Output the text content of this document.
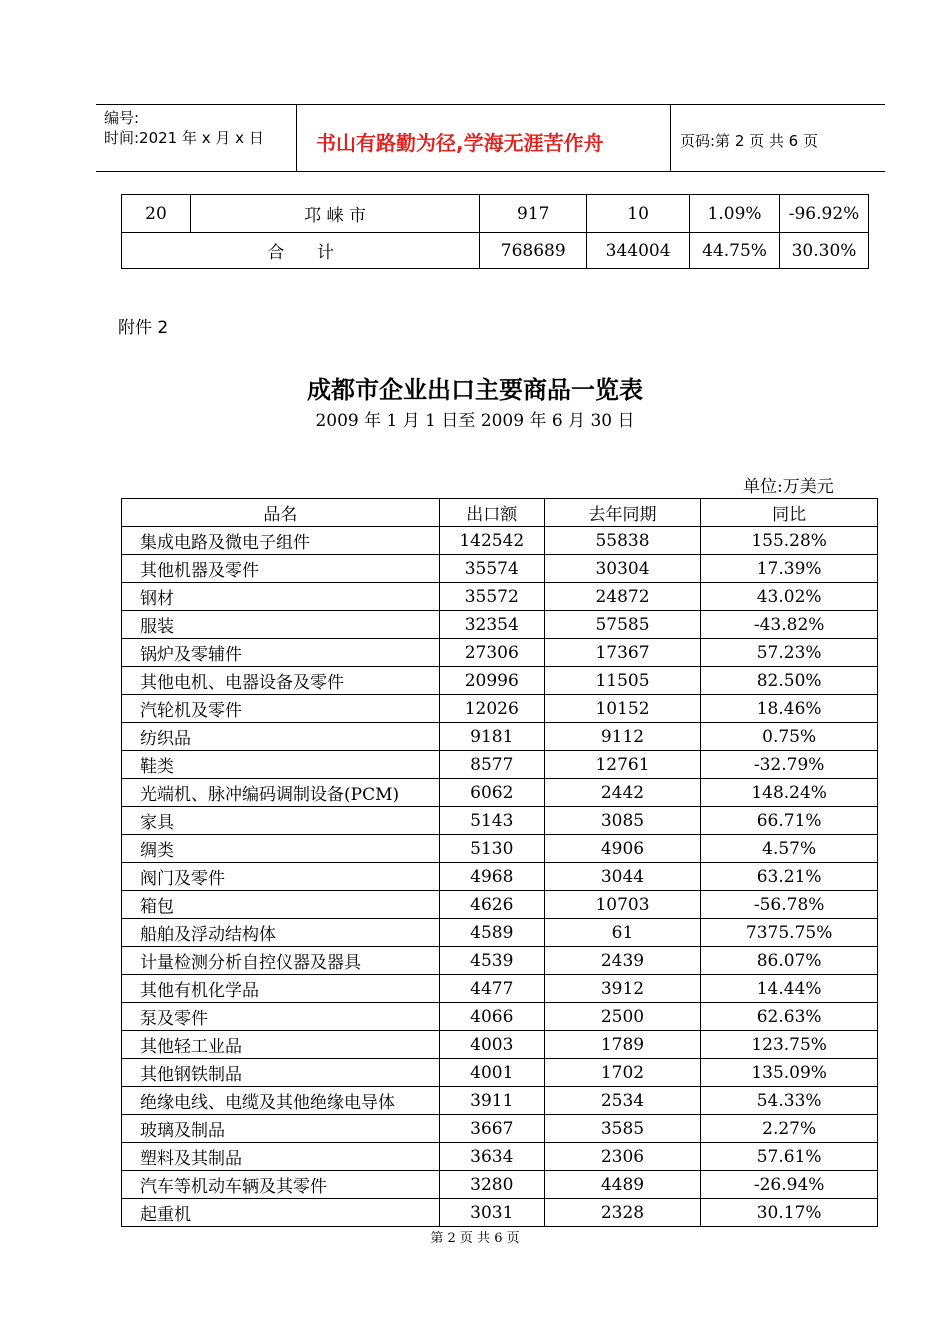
编号:
时间:2021 年 x 月 x 日	书山有路勤为径,学海无涯苦作舟	页码:第 2 页 共 6 页
20	邛 崃 市	917	10	1.09%	-96.92%
合      计		768689	344004	44.75%	30.30%
附件 2
成都市企业出口主要商品一览表
2009 年 1 月 1 日至 2009 年 6 月 30 日
单位:万美元
品名	出口额	去年同期	同比
集成电路及微电子组件	142542	55838	155.28%
其他机器及零件	35574	30304	17.39%
钢材	35572	24872	43.02%
服装	32354	57585	-43.82%
锅炉及零辅件	27306	17367	57.23%
其他电机、电器设备及零件	20996	11505	82.50%
汽轮机及零件	12026	10152	18.46%
纺织品	9181	9112	0.75%
鞋类	8577	12761	-32.79%
光端机、脉冲编码调制设备(PCM)	6062	2442	148.24%
家具	5143	3085	66.71%
绸类	5130	4906	4.57%
阀门及零件	4968	3044	63.21%
箱包	4626	10703	-56.78%
船舶及浮动结构体	4589	61	7375.75%
计量检测分析自控仪器及器具	4539	2439	86.07%
其他有机化学品	4477	3912	14.44%
泵及零件	4066	2500	62.63%
其他轻工业品	4003	1789	123.75%
其他钢铁制品	4001	1702	135.09%
绝缘电线、电缆及其他绝缘电导体	3911	2534	54.33%
玻璃及制品	3667	3585	2.27%
塑料及其制品	3634	2306	57.61%
汽车等机动车辆及其零件	3280	4489	-26.94%
起重机	3031	2328	30.17%
第 2 页 共 6 页
